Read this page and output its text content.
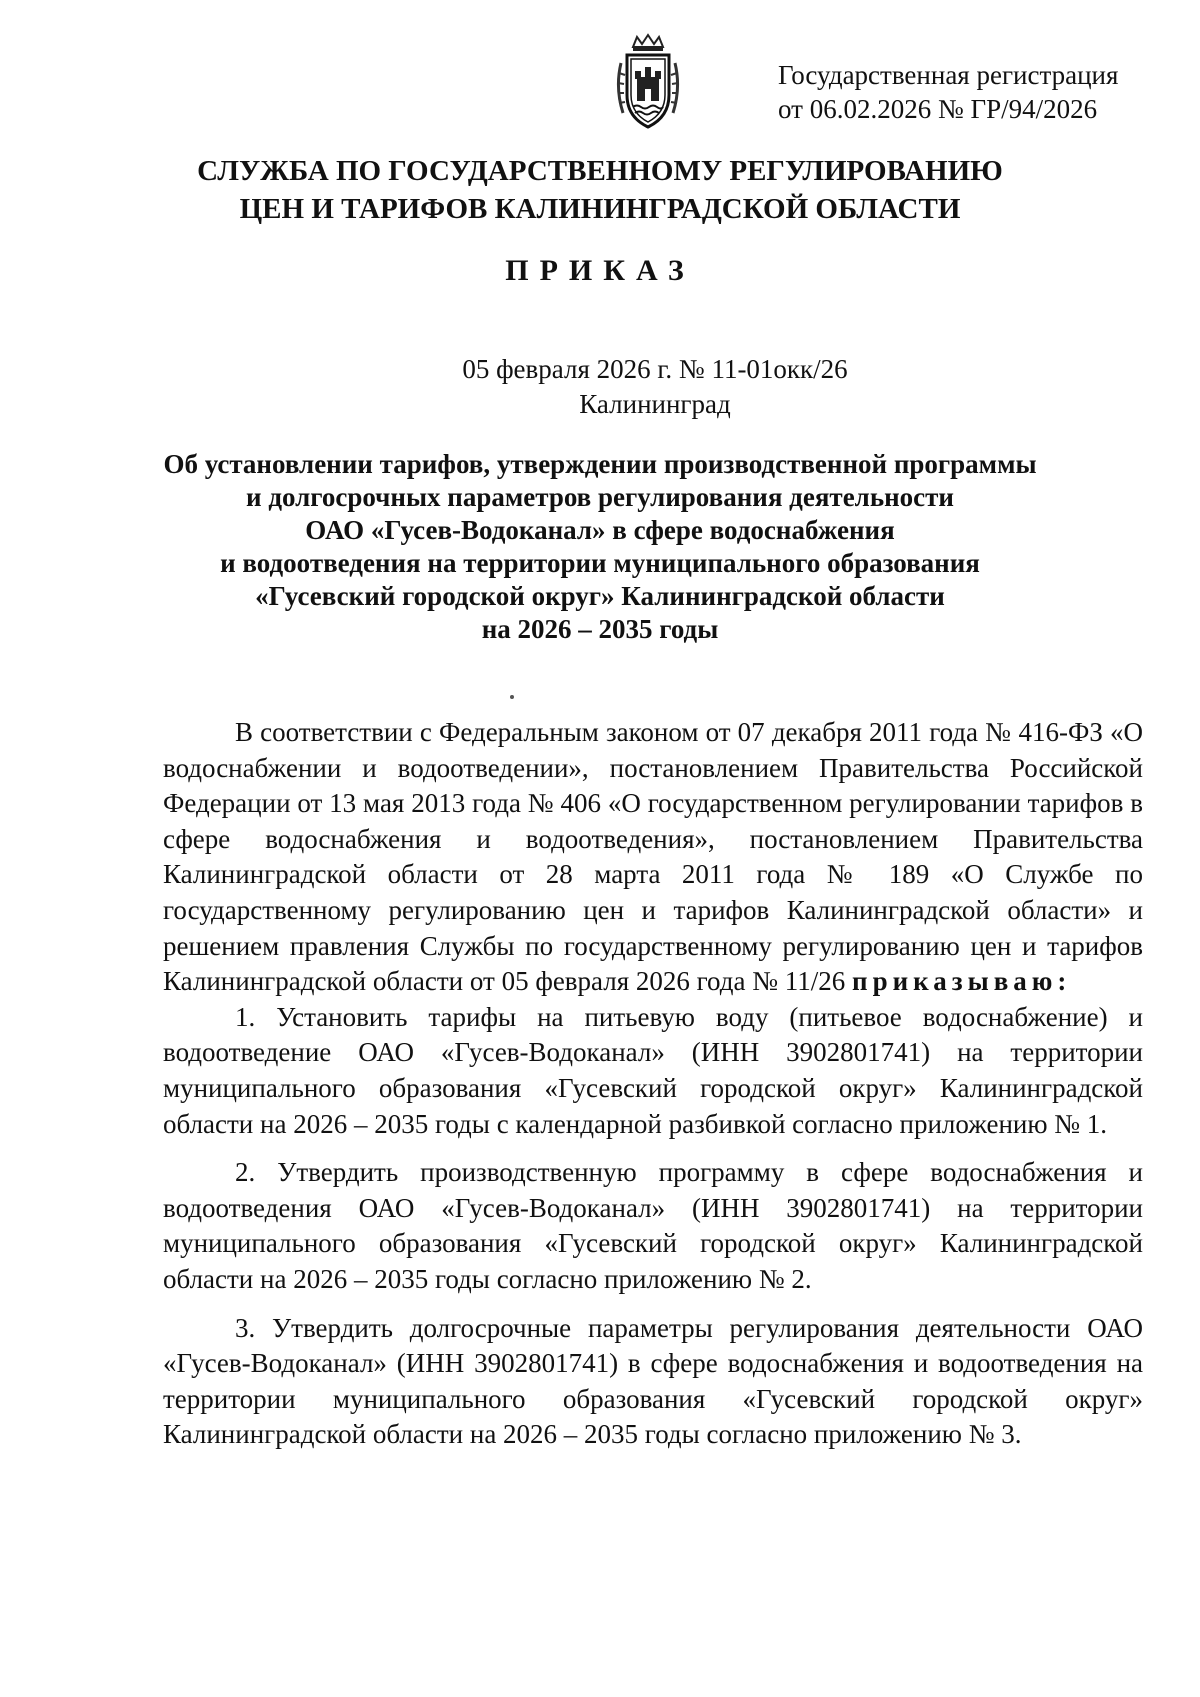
Государственная регистрация
от 06.02.2026 № ГР/94/2026
СЛУЖБА ПО ГОСУДАРСТВЕННОМУ РЕГУЛИРОВАНИЮ
ЦЕН И ТАРИФОВ КАЛИНИНГРАДСКОЙ ОБЛАСТИ
ПРИКАЗ
05 февраля 2026 г. № 11-01окк/26
Калининград
Об установлении тарифов, утверждении производственной программы
и долгосрочных параметров регулирования деятельности
ОАО «Гусев-Водоканал» в сфере водоснабжения
и водоотведения на территории муниципального образования
«Гусевский городской округ» Калининградской области
на 2026 – 2035 годы

В соответствии с Федеральным законом от 07 декабря 2011 года № 416-ФЗ «О водоснабжении и водоотведении», постановлением Правительства Российской Федерации от 13 мая 2013 года № 406 «О государственном регулировании тарифов в сфере водоснабжения и водоотведения», постановлением Правительства Калининградской области от 28 марта 2011 года № 189 «О Службе по государственному регулированию цен и тарифов Калининградской области» и решением правления Службы по государственному регулированию цен и тарифов Калининградской области от 05 февраля 2026 года № 11/26 приказываю:

1. Установить тарифы на питьевую воду (питьевое водоснабжение) и водоотведение ОАО «Гусев-Водоканал» (ИНН 3902801741) на территории муниципального образования «Гусевский городской округ» Калининградской области на 2026 – 2035 годы с календарной разбивкой согласно приложению № 1.

2. Утвердить производственную программу в сфере водоснабжения и водоотведения ОАО «Гусев-Водоканал» (ИНН 3902801741) на территории муниципального образования «Гусевский городской округ» Калининградской области на 2026 – 2035 годы согласно приложению № 2.

3. Утвердить долгосрочные параметры регулирования деятельности ОАО «Гусев-Водоканал» (ИНН 3902801741) в сфере водоснабжения и водоотведения на территории муниципального образования «Гусевский городской округ» Калининградской области на 2026 – 2035 годы согласно приложению № 3.
